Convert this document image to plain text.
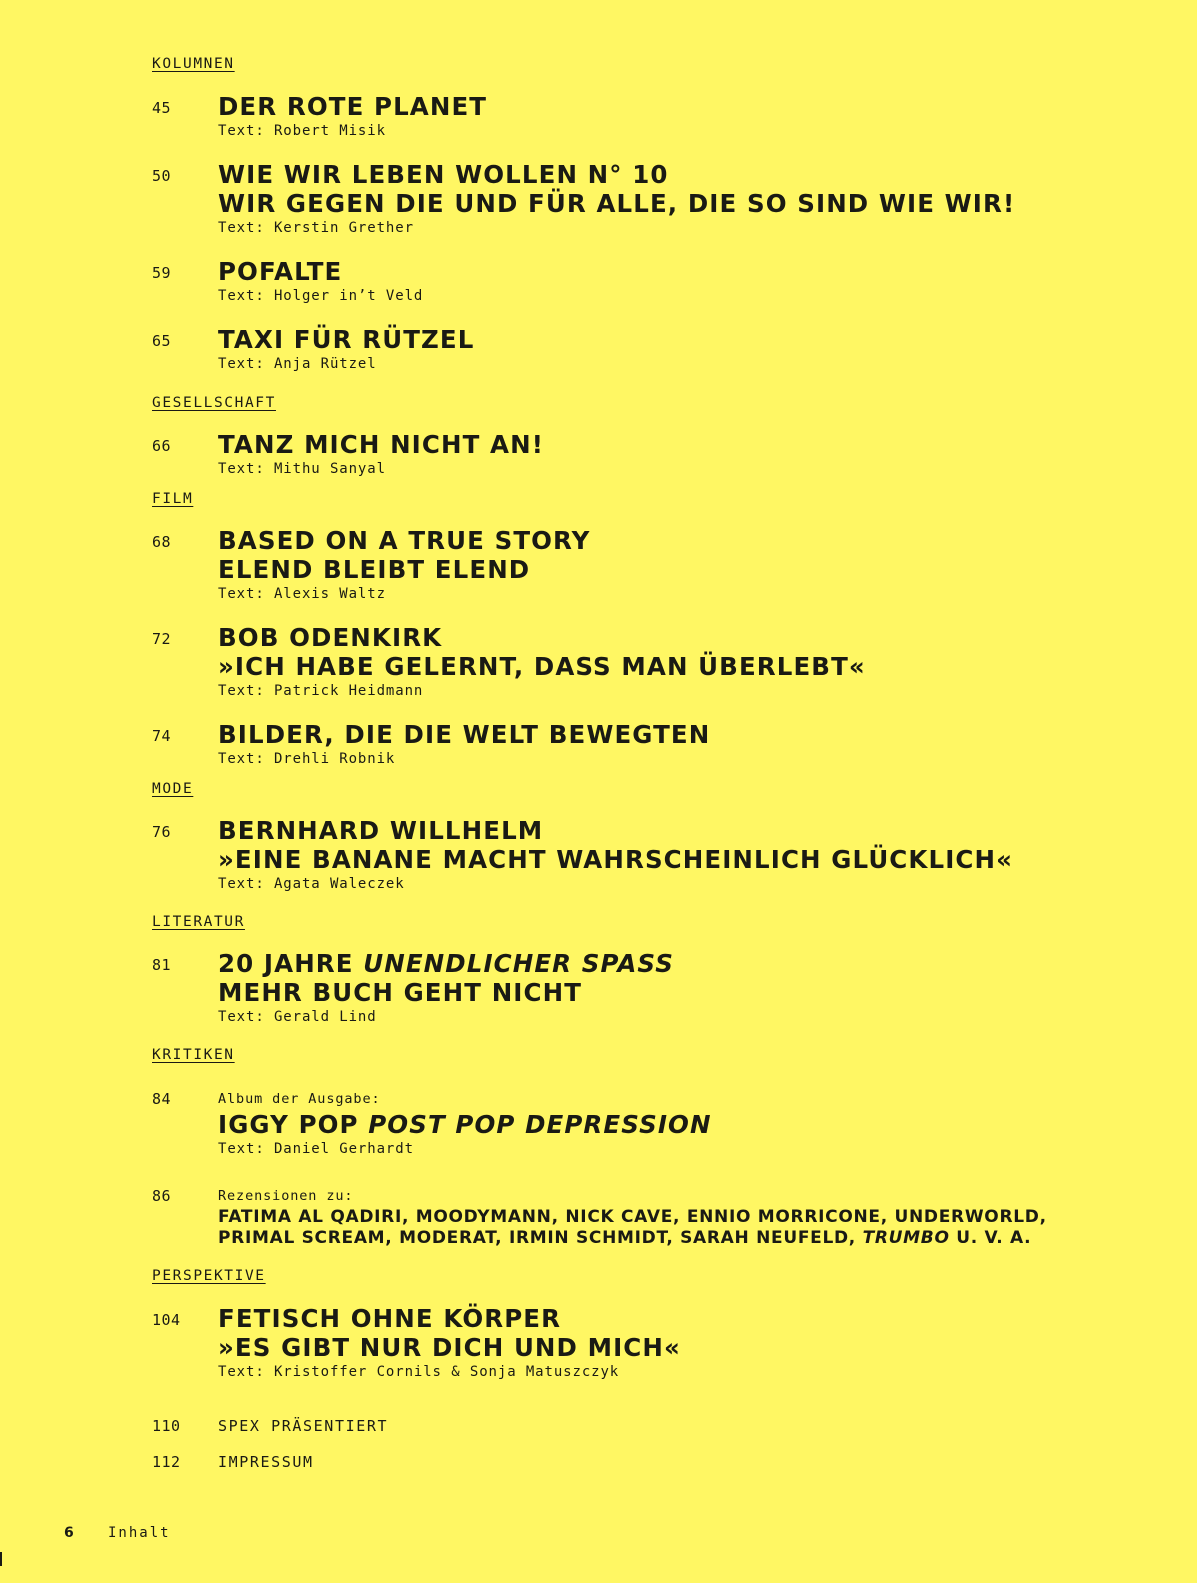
KOLUMNEN
45 DER ROTE PLANET
Text: Robert Misik
50 WIE WIR LEBEN WOLLEN N° 10
WIR GEGEN DIE UND FÜR ALLE, DIE SO SIND WIE WIR!
Text: Kerstin Grether
59 POFALTE
Text: Holger in’t Veld
65 TAXI FÜR RÜTZEL
Text: Anja Rützel
GESELLSCHAFT
66 TANZ MICH NICHT AN!
Text: Mithu Sanyal
FILM
68 BASED ON A TRUE STORY
ELEND BLEIBT ELEND
Text: Alexis Waltz
72 BOB ODENKIRK
»ICH HABE GELERNT, DASS MAN ÜBERLEBT«
Text: Patrick Heidmann
74 BILDER, DIE DIE WELT BEWEGTEN
Text: Drehli Robnik
MODE
76 BERNHARD WILLHELM
»EINE BANANE MACHT WAHRSCHEINLICH GLÜCKLICH«
Text: Agata Waleczek
LITERATUR
81 20 JAHRE UNENDLICHER SPASS
MEHR BUCH GEHT NICHT
Text: Gerald Lind
KRITIKEN
84	Album der Ausgabe:
IGGY POP POST POP DEPRESSION
Text: Daniel Gerhardt
86	Rezensionen zu:
FATIMA AL QADIRI, MOODYMANN, NICK CAVE, ENNIO MORRICONE, UNDERWORLD,
PRIMAL SCREAM, MODERAT, IRMIN SCHMIDT, SARAH NEUFELD, TRUMBO U. V. A.
PERSPEKTIVE
104 FETISCH OHNE KÖRPER
»ES GIBT NUR DICH UND MICH«
Text: Kristoffer Cornils & Sonja Matuszczyk
110 SPEX PRÄSENTIERT
112 IMPRESSUM
6 Inhalt
